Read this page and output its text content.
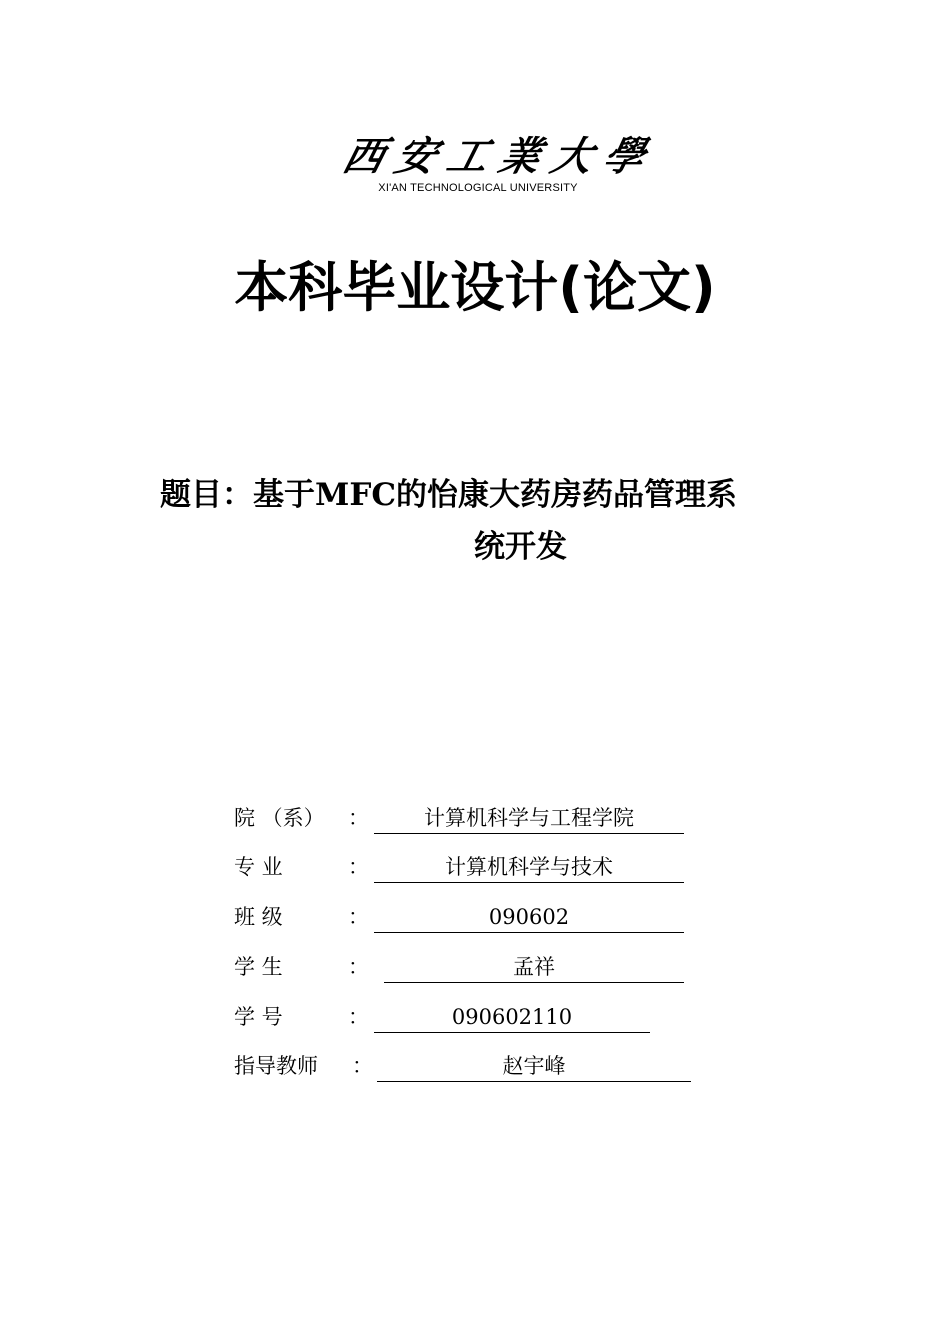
西安工業大學
XI'AN TECHNOLOGICAL UNIVERSITY
本科毕业设计(论文)
题目：基于MFC的怡康大药房药品管理系
统开发
院 （系） ：	计算机科学与工程学院
专 业	：	计算机科学与技术
班 级	：	090602
学 生	：	孟祥
学 号	：	090602110
指导教师 ：	赵宇峰
